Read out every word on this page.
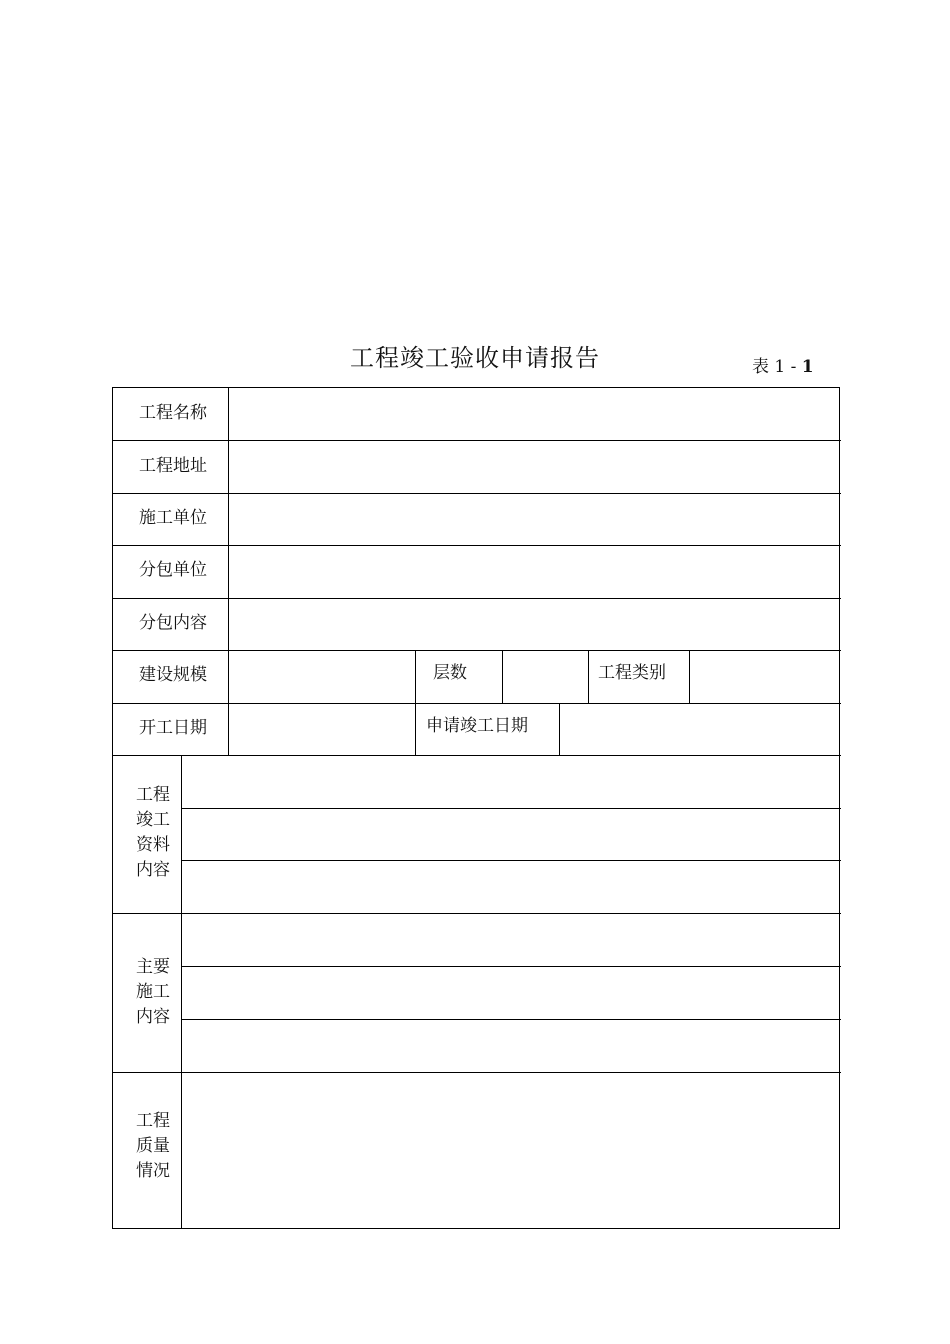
工程竣工验收申请报告	表 1 - 1
工程名称
工程地址
施工单位
分包单位
分包内容
建设规模	层数	工程类别
开工日期	申请竣工日期
工程
竣工
资料
内容
主要
施工
内容
工程
质量
情况
